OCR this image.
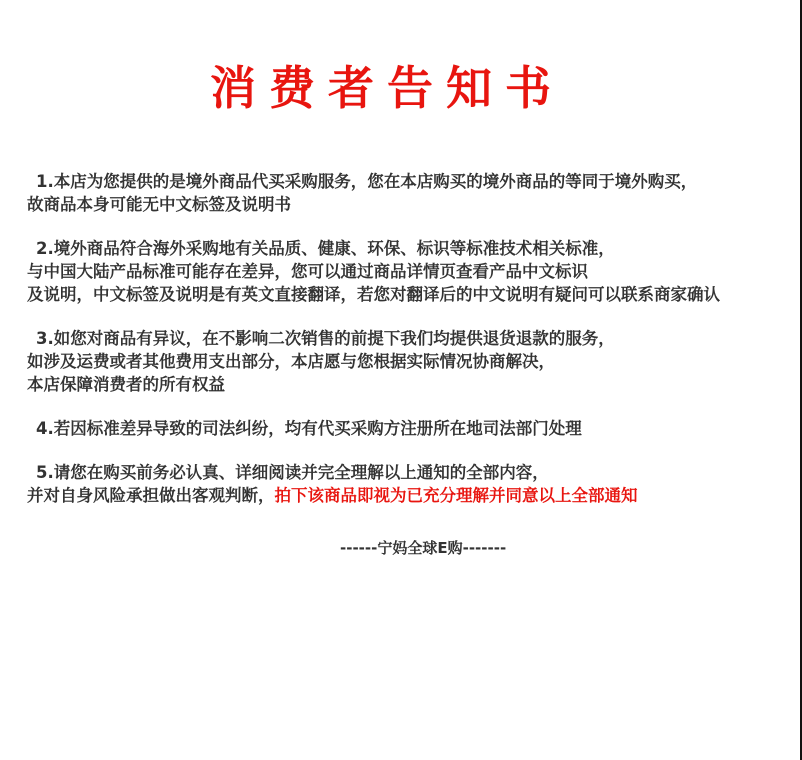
消费者告知书
1.本店为您提供的是境外商品代买采购服务，您在本店购买的境外商品的等同于境外购买，
故商品本身可能无中文标签及说明书
2.境外商品符合海外采购地有关品质、健康、环保、标识等标准技术相关标准，
与中国大陆产品标准可能存在差异，您可以通过商品详情页查看产品中文标识
及说明，中文标签及说明是有英文直接翻译，若您对翻译后的中文说明有疑问可以联系商家确认
3.如您对商品有异议，在不影响二次销售的前提下我们均提供退货退款的服务，
如涉及运费或者其他费用支出部分，本店愿与您根据实际情况协商解决，
本店保障消费者的所有权益
4.若因标准差异导致的司法纠纷，均有代买采购方注册所在地司法部门处理
5.请您在购买前务必认真、详细阅读并完全理解以上通知的全部内容，
并对自身风险承担做出客观判断，拍下该商品即视为已充分理解并同意以上全部通知
------宁妈全球E购-------
